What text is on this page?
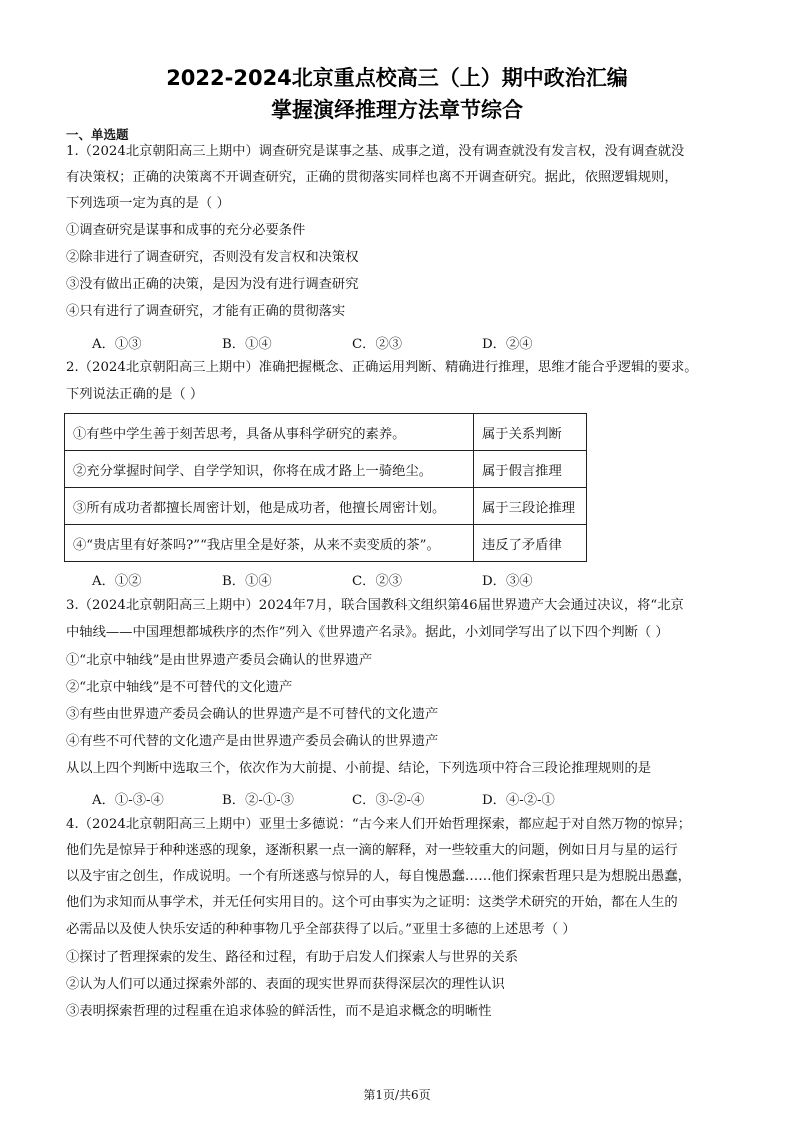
2022-2024北京重点校高三（上）期中政治汇编
掌握演绎推理方法章节综合
一、单选题
1.（2024北京朝阳高三上期中）调查研究是谋事之基、成事之道，没有调查就没有发言权，没有调查就没
有决策权；正确的决策离不开调查研究，正确的贯彻落实同样也离不开调查研究。据此，依照逻辑规则，
下列选项一定为真的是（ ）
①调查研究是谋事和成事的充分必要条件
②除非进行了调查研究，否则没有发言权和决策权
③没有做出正确的决策，是因为没有进行调查研究
④只有进行了调查研究，才能有正确的贯彻落实
A．①③	B．①④	C．②③	D．②④
2.（2024北京朝阳高三上期中）准确把握概念、正确运用判断、精确进行推理，思维才能合乎逻辑的要求。
下列说法正确的是（ ）
①有些中学生善于刻苦思考，具备从事科学研究的素养。	属于关系判断
②充分掌握时间学、自学学知识，你将在成才路上一骑绝尘。	属于假言推理
③所有成功者都擅长周密计划，他是成功者，他擅长周密计划。	属于三段论推理
④“贵店里有好茶吗?”“我店里全是好茶，从来不卖变质的茶”。	违反了矛盾律
A．①②	B．①④	C．②③	D．③④
3.（2024北京朝阳高三上期中）2024年7月，联合国教科文组织第46届世界遗产大会通过决议，将“北京
中轴线——中国理想都城秩序的杰作”列入《世界遗产名录》。据此，小刘同学写出了以下四个判断（ ）
①“北京中轴线”是由世界遗产委员会确认的世界遗产
②“北京中轴线”是不可替代的文化遗产
③有些由世界遗产委员会确认的世界遗产是不可替代的文化遗产
④有些不可代替的文化遗产是由世界遗产委员会确认的世界遗产
从以上四个判断中选取三个，依次作为大前提、小前提、结论，下列选项中符合三段论推理规则的是
A．①-③-④	B．②-①-③	C．③-②-④	D．④-②-①
4.（2024北京朝阳高三上期中）亚里士多德说：“古今来人们开始哲理探索，都应起于对自然万物的惊异；
他们先是惊异于种种迷惑的现象，逐渐积累一点一滴的解释，对一些较重大的问题，例如日月与星的运行
以及宇宙之创生，作成说明。一个有所迷惑与惊异的人，每自愧愚蠢……他们探索哲理只是为想脱出愚蠢，
他们为求知而从事学术，并无任何实用目的。这个可由事实为之证明：这类学术研究的开始，都在人生的
必需品以及使人快乐安适的种种事物几乎全部获得了以后。”亚里士多德的上述思考（ ）
①探讨了哲理探索的发生、路径和过程，有助于启发人们探索人与世界的关系
②认为人们可以通过探索外部的、表面的现实世界而获得深层次的理性认识
③表明探索哲理的过程重在追求体验的鲜活性，而不是追求概念的明晰性
第1页/共6页
